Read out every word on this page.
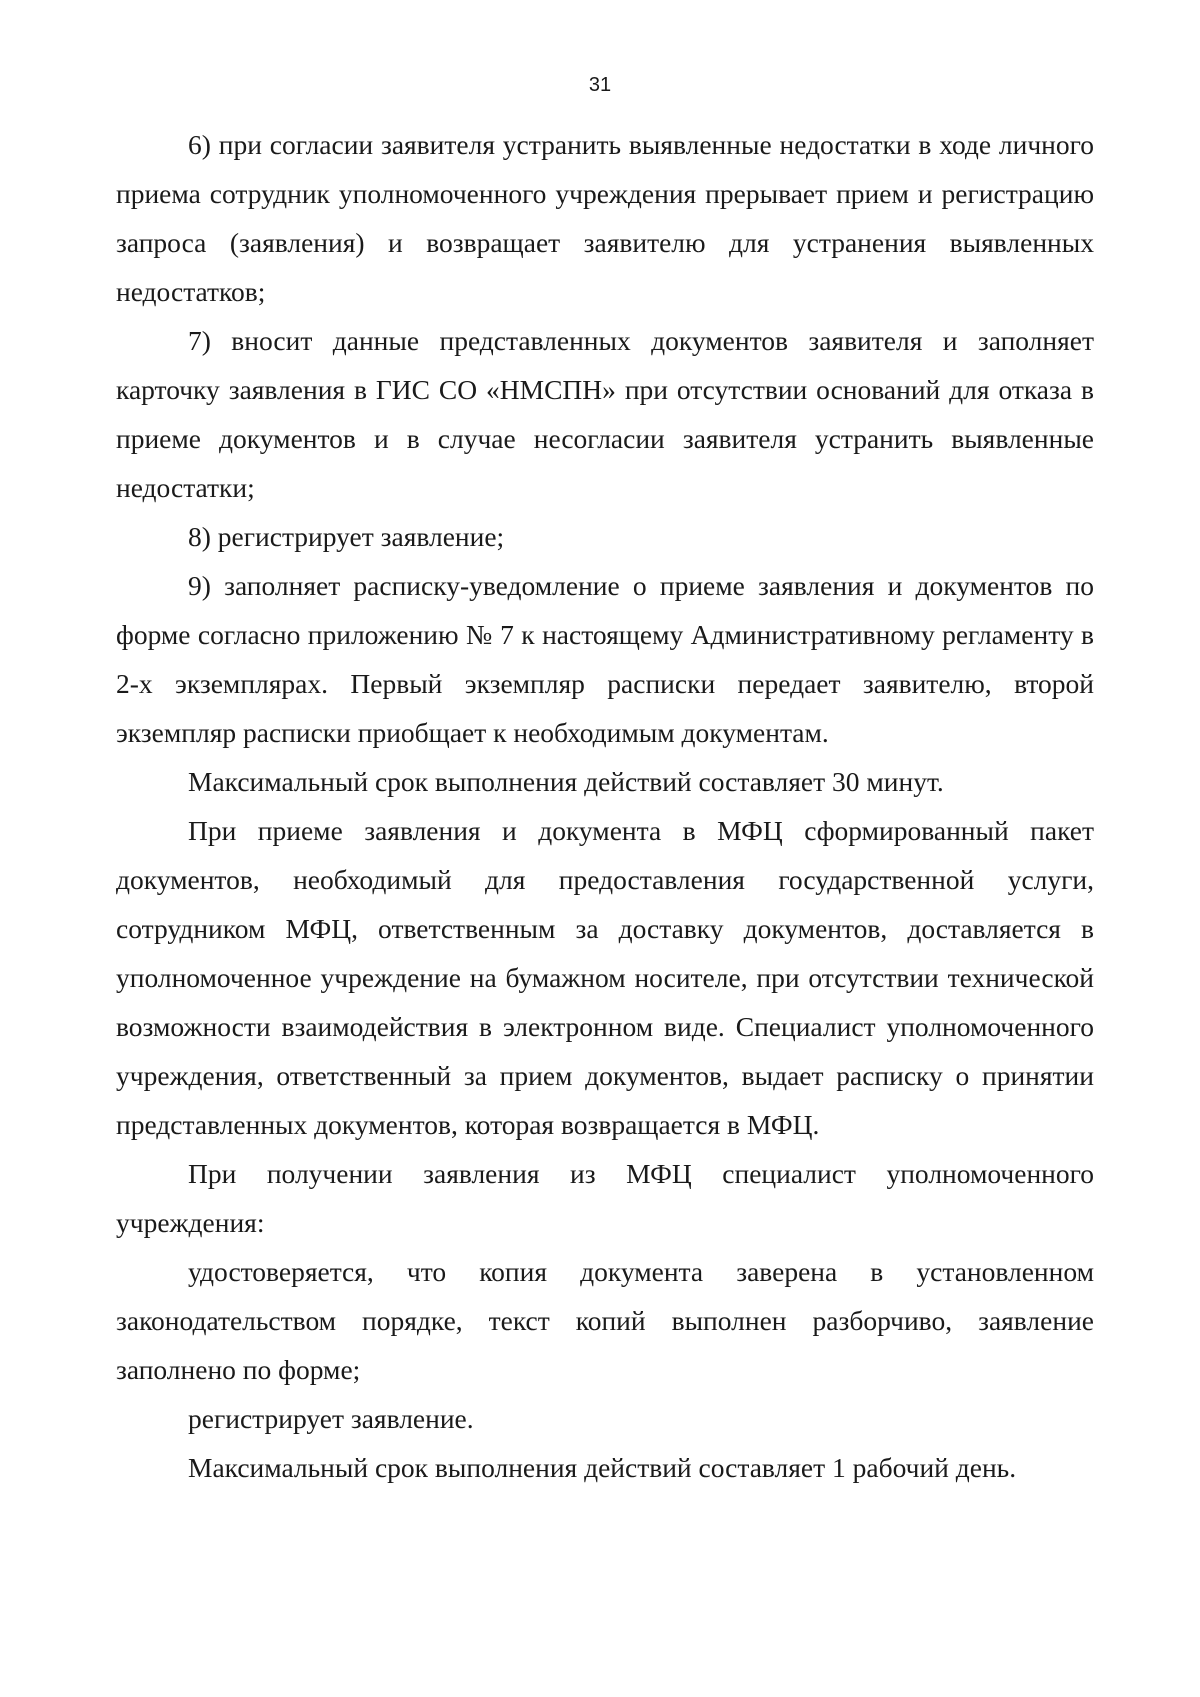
31

6) при согласии заявителя устранить выявленные недостатки в ходе личного приема сотрудник уполномоченного учреждения прерывает прием и регистрацию запроса (заявления) и возвращает заявителю для устранения выявленных недостатков;

7) вносит данные представленных документов заявителя и заполняет карточку заявления в ГИС СО «НМСПН» при отсутствии оснований для отказа в приеме документов и в случае несогласии заявителя устранить выявленные недостатки;

8) регистрирует заявление;

9) заполняет расписку-уведомление о приеме заявления и документов по форме согласно приложению № 7 к настоящему Административному регламенту в 2-х экземплярах. Первый экземпляр расписки передает заявителю, второй экземпляр расписки приобщает к необходимым документам.

Максимальный срок выполнения действий составляет 30 минут.

При приеме заявления и документа в МФЦ сформированный пакет документов, необходимый для предоставления государственной услуги, сотрудником МФЦ, ответственным за доставку документов, доставляется в уполномоченное учреждение на бумажном носителе, при отсутствии технической возможности взаимодействия в электронном виде. Специалист уполномоченного учреждения, ответственный за прием документов, выдает расписку о принятии представленных документов, которая возвращается в МФЦ.

При получении заявления из МФЦ специалист уполномоченного учреждения:

удостоверяется, что копия документа заверена в установленном законодательством порядке, текст копий выполнен разборчиво, заявление заполнено по форме;

регистрирует заявление.

Максимальный срок выполнения действий составляет 1 рабочий день.
